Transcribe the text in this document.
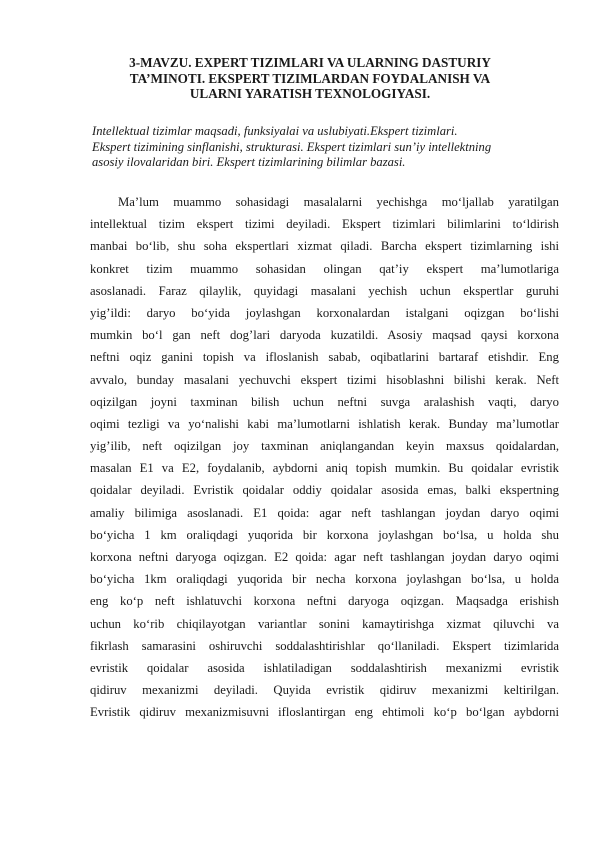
3-MAVZU. EXPERT TIZIMLARI VA ULARNING DASTURIY
TA’MINOTI. EKSPERT TIZIMLARDAN FOYDALANISH VA
ULARNI YARATISH TEXNOLOGIYASI.

Intellektual tizimlar maqsadi, funksiyalai va uslubiyati.Ekspert tizimlari.
Ekspert tizimining sinflanishi, strukturasi. Ekspert tizimlari sun’iy intellektning
asosiy ilovalaridan biri. Ekspert tizimlarining bilimlar bazasi.

Ma’lum muammo sohasidagi masalalarni yechishga mo‘ljallab yaratilgan
intellektual tizim ekspert tizimi deyiladi. Ekspert tizimlari bilimlarini to‘ldirish
manbai bo‘lib, shu soha ekspertlari xizmat qiladi. Barcha ekspert tizimlarning ishi
konkret tizim muammo sohasidan olingan qat’iy ekspert ma’lumotlariga
asoslanadi. Faraz qilaylik, quyidagi masalani yechish uchun ekspertlar guruhi
yig’ildi: daryo bo‘yida joylashgan korxonalardan istalgani oqizgan bo‘lishi
mumkin bo‘l gan neft dog’lari daryoda kuzatildi. Asosiy maqsad qaysi korxona
neftni oqiz ganini topish va ifloslanish sabab, oqibatlarini bartaraf etishdir. Eng
avvalo, bunday masalani yechuvchi ekspert tizimi hisoblashni bilishi kerak. Neft
oqizilgan joyni taxminan bilish uchun neftni suvga aralashish vaqti, daryo
oqimi tezligi va yo‘nalishi kabi ma’lumotlarni ishlatish kerak. Bunday ma’lumotlar
yig’ilib, neft oqizilgan joy taxminan aniqlangandan keyin maxsus qoidalardan,
masalan E1 va E2, foydalanib, aybdorni aniq topish mumkin. Bu qoidalar evristik
qoidalar deyiladi. Evristik qoidalar oddiy qoidalar asosida emas, balki ekspertning
amaliy bilimiga asoslanadi. E1 qoida: agar neft tashlangan joydan daryo oqimi
bo‘yicha 1 km oraliqdagi yuqorida bir korxona joylashgan bo‘lsa, u holda shu
korxona neftni daryoga oqizgan. E2 qoida: agar neft tashlangan joydan daryo oqimi
bo‘yicha 1km oraliqdagi yuqorida bir necha korxona joylashgan bo‘lsa, u holda
eng ko‘p neft ishlatuvchi korxona neftni daryoga oqizgan. Maqsadga erishish
uchun ko‘rib chiqilayotgan variantlar sonini kamaytirishga xizmat qiluvchi va
fikrlash samarasini oshiruvchi soddalashtirishlar qo‘llaniladi. Ekspert tizimlarida
evristik qoidalar asosida ishlatiladigan soddalashtirish mexanizmi evristik
qidiruv mexanizmi deyiladi. Quyida evristik qidiruv mexanizmi keltirilgan.
Evristik qidiruv mexanizmisuvni ifloslantirgan eng ehtimoli ko‘p bo‘lgan aybdorni
